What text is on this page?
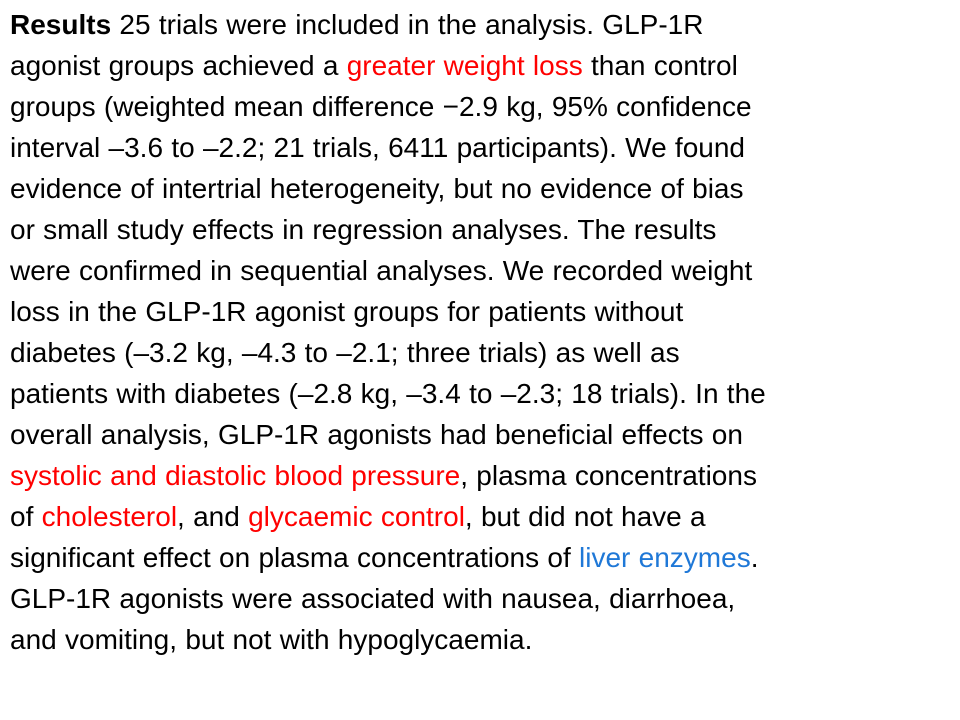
Results 25 trials were included in the analysis. GLP-1R
agonist groups achieved a greater weight loss than control
groups (weighted mean difference −2.9 kg, 95% confidence
interval –3.6 to –2.2; 21 trials, 6411 participants). We found
evidence of intertrial heterogeneity, but no evidence of bias
or small study effects in regression analyses. The results
were confirmed in sequential analyses. We recorded weight
loss in the GLP-1R agonist groups for patients without
diabetes (–3.2 kg, –4.3 to –2.1; three trials) as well as
patients with diabetes (–2.8 kg, –3.4 to –2.3; 18 trials). In the
overall analysis, GLP-1R agonists had beneficial effects on
systolic and diastolic blood pressure, plasma concentrations
of cholesterol, and glycaemic control, but did not have a
significant effect on plasma concentrations of liver enzymes.
GLP-1R agonists were associated with nausea, diarrhoea,
and vomiting, but not with hypoglycaemia.
